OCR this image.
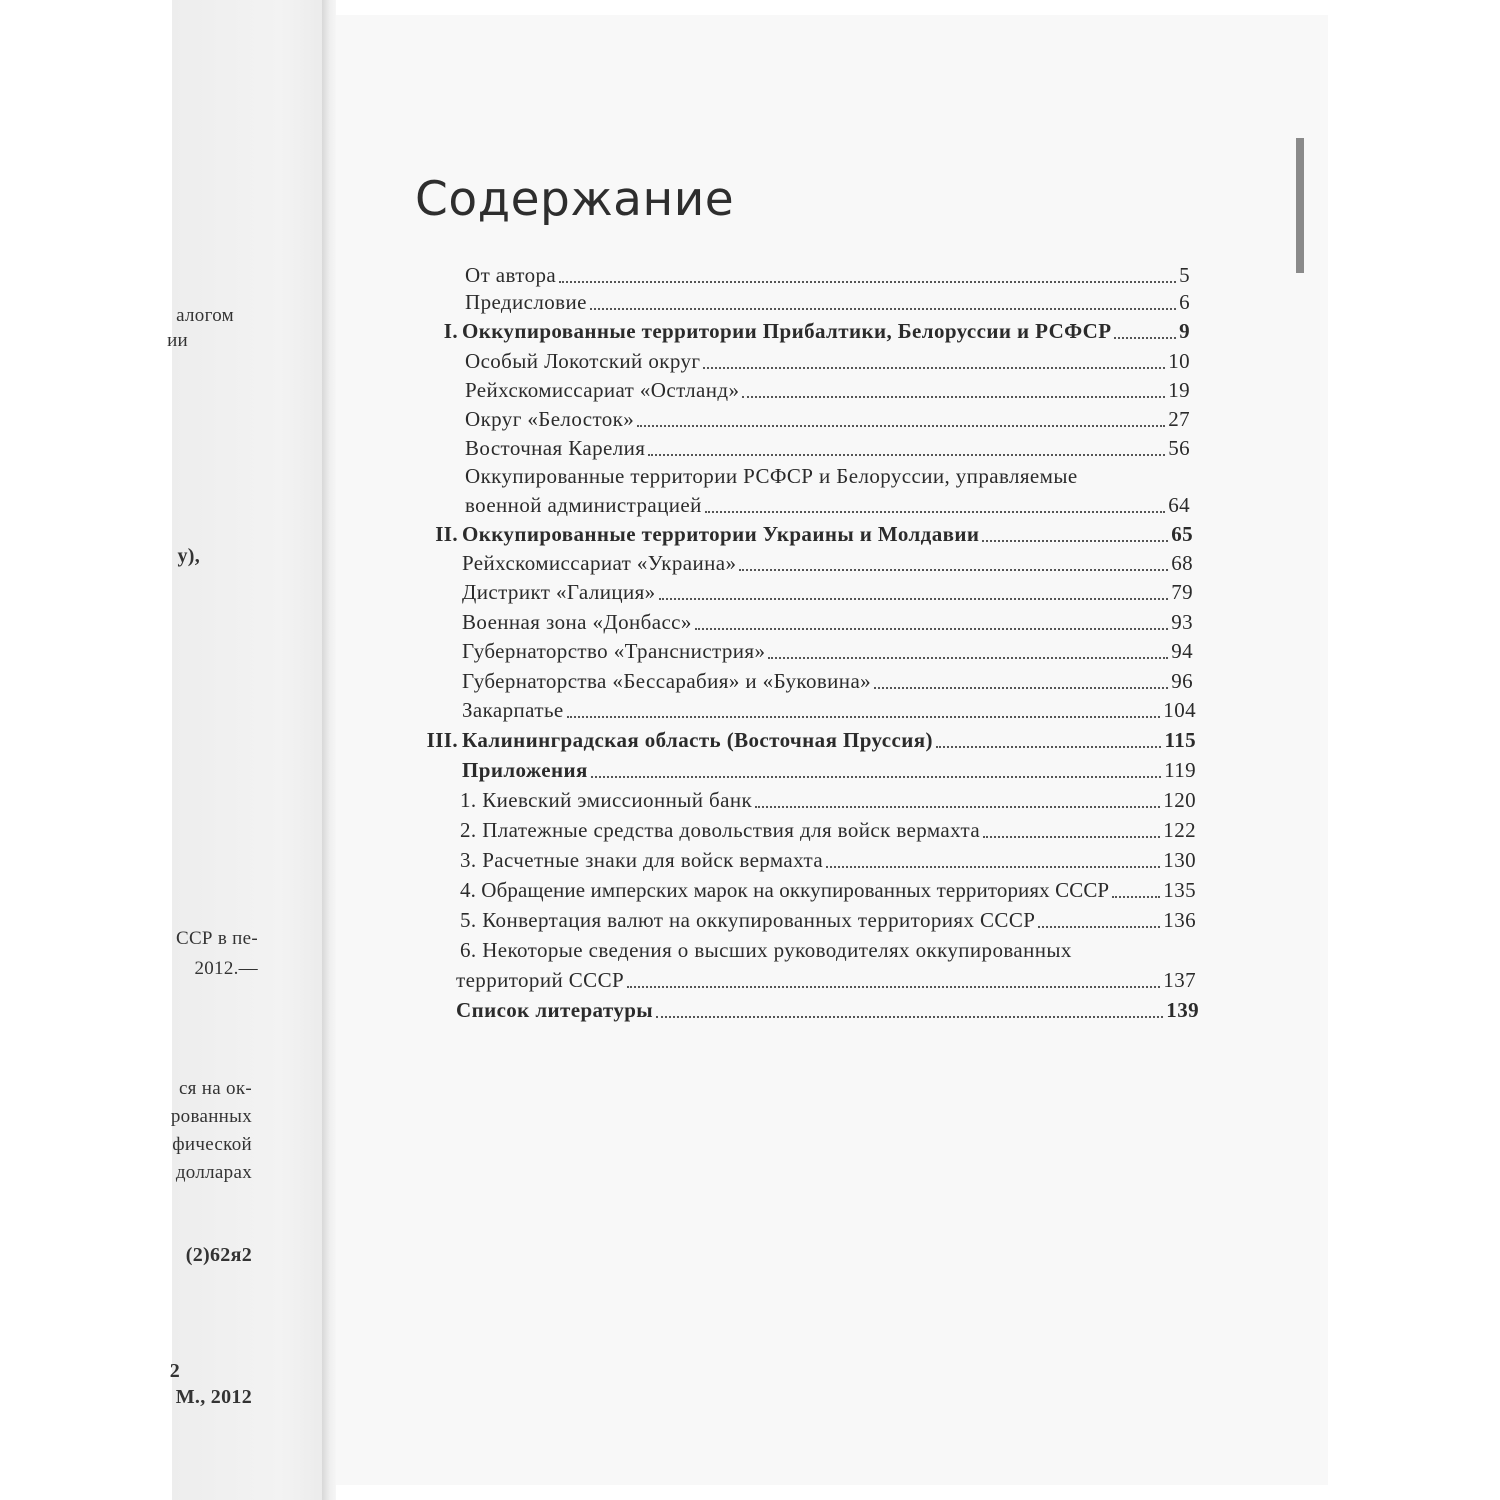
алогом
ии
у),
ССР в пе-
2012.—
ся на ок-
рованных
фической
долларах
(2)62я2
2
М., 2012
Содержание
От автора	5
Предисловие	6
I. Оккупированные территории Прибалтики, Белоруссии и РСФСР	9
Особый Локотский округ	10
Рейхскомиссариат «Остланд»	19
Округ «Белосток»	27
Восточная Карелия	56
Оккупированные территории РСФСР и Белоруссии, управляемые
военной администрацией	64
II. Оккупированные территории Украины и Молдавии	65
Рейхскомиссариат «Украина»	68
Дистрикт «Галиция»	79
Военная зона «Донбасс»	93
Губернаторство «Транснистрия»	94
Губернаторства «Бессарабия» и «Буковина»	96
Закарпатье	104
III. Калининградская область (Восточная Пруссия)	115
Приложения	119
1. Киевский эмиссионный банк	120
2. Платежные средства довольствия для войск вермахта	122
3. Расчетные знаки для войск вермахта	130
4. Обращение имперских марок на оккупированных территориях СССР	135
5. Конвертация валют на оккупированных территориях СССР	136
6. Некоторые сведения о высших руководителях оккупированных
территорий СССР	137
Список литературы	139
